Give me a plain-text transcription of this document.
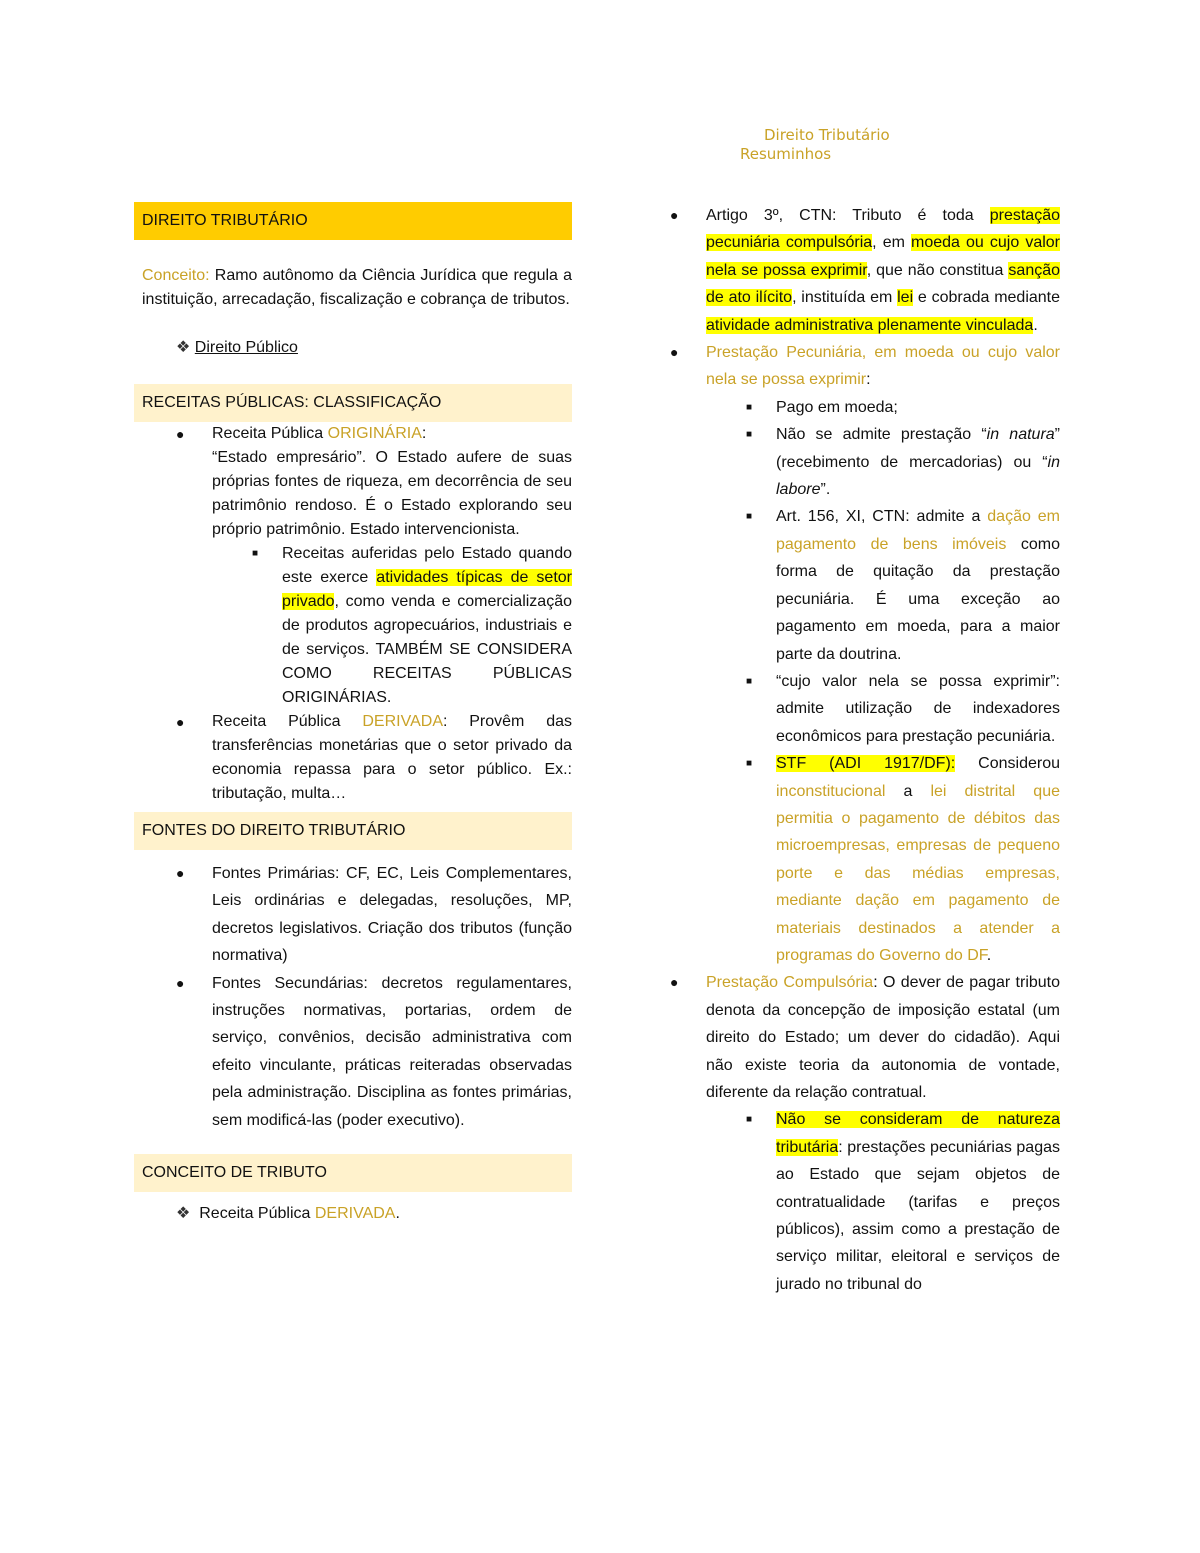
Direito Tributário
Resuminhos
DIREITO TRIBUTÁRIO
Conceito: Ramo autônomo da Ciência Jurídica que regula a instituição, arrecadação, fiscalização e cobrança de tributos.
❖ Direito Público
RECEITAS PÚBLICAS: CLASSIFICAÇÃO
● Receita Pública ORIGINÁRIA:
“Estado empresário”. O Estado aufere de suas próprias fontes de riqueza, em decorrência de seu patrimônio rendoso. É o Estado explorando seu próprio patrimônio. Estado intervencionista.
■ Receitas auferidas pelo Estado quando este exerce atividades típicas de setor privado, como venda e comercialização de produtos agropecuários, industriais e de serviços. TAMBÉM SE CONSIDERA COMO RECEITAS PÚBLICAS ORIGINÁRIAS.
● Receita Pública DERIVADA: Provêm das transferências monetárias que o setor privado da economia repassa para o setor público. Ex.: tributação, multa…
FONTES DO DIREITO TRIBUTÁRIO
● Fontes Primárias: CF, EC, Leis Complementares, Leis ordinárias e delegadas, resoluções, MP, decretos legislativos. Criação dos tributos (função normativa)
● Fontes Secundárias: decretos regulamentares, instruções normativas, portarias, ordem de serviço, convênios, decisão administrativa com efeito vinculante, práticas reiteradas observadas pela administração. Disciplina as fontes primárias, sem modificá-las (poder executivo).
CONCEITO DE TRIBUTO
❖ Receita Pública DERIVADA.
● Artigo 3º, CTN: Tributo é toda prestação pecuniária compulsória, em moeda ou cujo valor nela se possa exprimir, que não constitua sanção de ato ilícito, instituída em lei e cobrada mediante atividade administrativa plenamente vinculada.
● Prestação Pecuniária, em moeda ou cujo valor nela se possa exprimir:
■ Pago em moeda;
■ Não se admite prestação “in natura” (recebimento de mercadorias) ou “in labore”.
■ Art. 156, XI, CTN: admite a dação em pagamento de bens imóveis como forma de quitação da prestação pecuniária. É uma exceção ao pagamento em moeda, para a maior parte da doutrina.
■ “cujo valor nela se possa exprimir”: admite utilização de indexadores econômicos para prestação pecuniária.
■ STF (ADI 1917/DF): Considerou inconstitucional a lei distrital que permitia o pagamento de débitos das microempresas, empresas de pequeno porte e das médias empresas, mediante dação em pagamento de materiais destinados a atender a programas do Governo do DF.
● Prestação Compulsória: O dever de pagar tributo denota da concepção de imposição estatal (um direito do Estado; um dever do cidadão). Aqui não existe teoria da autonomia de vontade, diferente da relação contratual.
■ Não se consideram de natureza tributária: prestações pecuniárias pagas ao Estado que sejam objetos de contratualidade (tarifas e preços públicos), assim como a prestação de serviço militar, eleitoral e serviços de jurado no tribunal do
